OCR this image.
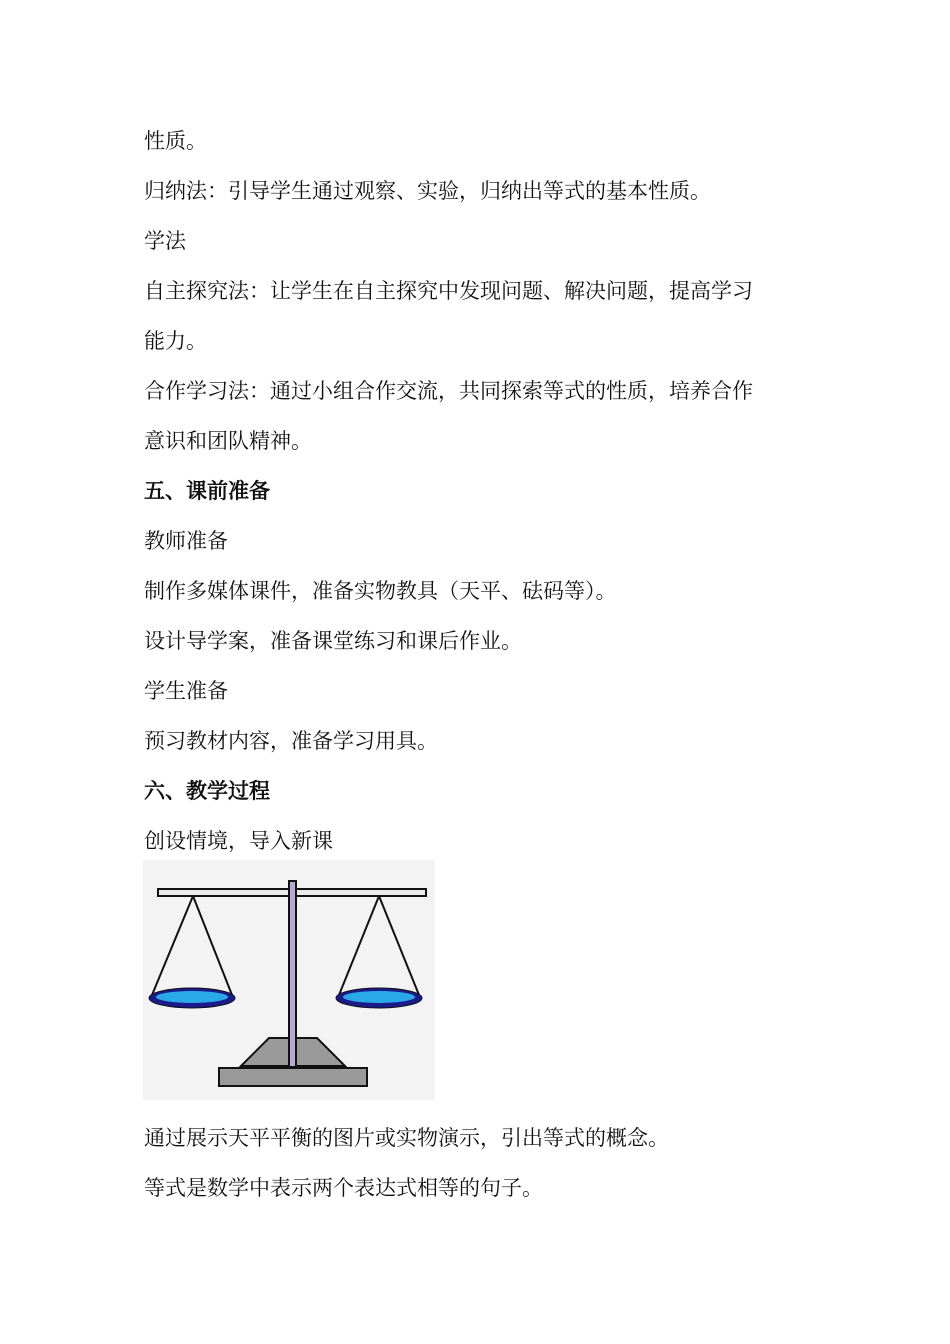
性质。
归纳法：引导学生通过观察、实验，归纳出等式的基本性质。
学法
自主探究法：让学生在自主探究中发现问题、解决问题，提高学习
能力。
合作学习法：通过小组合作交流，共同探索等式的性质，培养合作
意识和团队精神。
五、课前准备
教师准备
制作多媒体课件，准备实物教具（天平、砝码等）。
设计导学案，准备课堂练习和课后作业。
学生准备
预习教材内容，准备学习用具。
六、教学过程
创设情境，导入新课
通过展示天平平衡的图片或实物演示，引出等式的概念。
等式是数学中表示两个表达式相等的句子。
